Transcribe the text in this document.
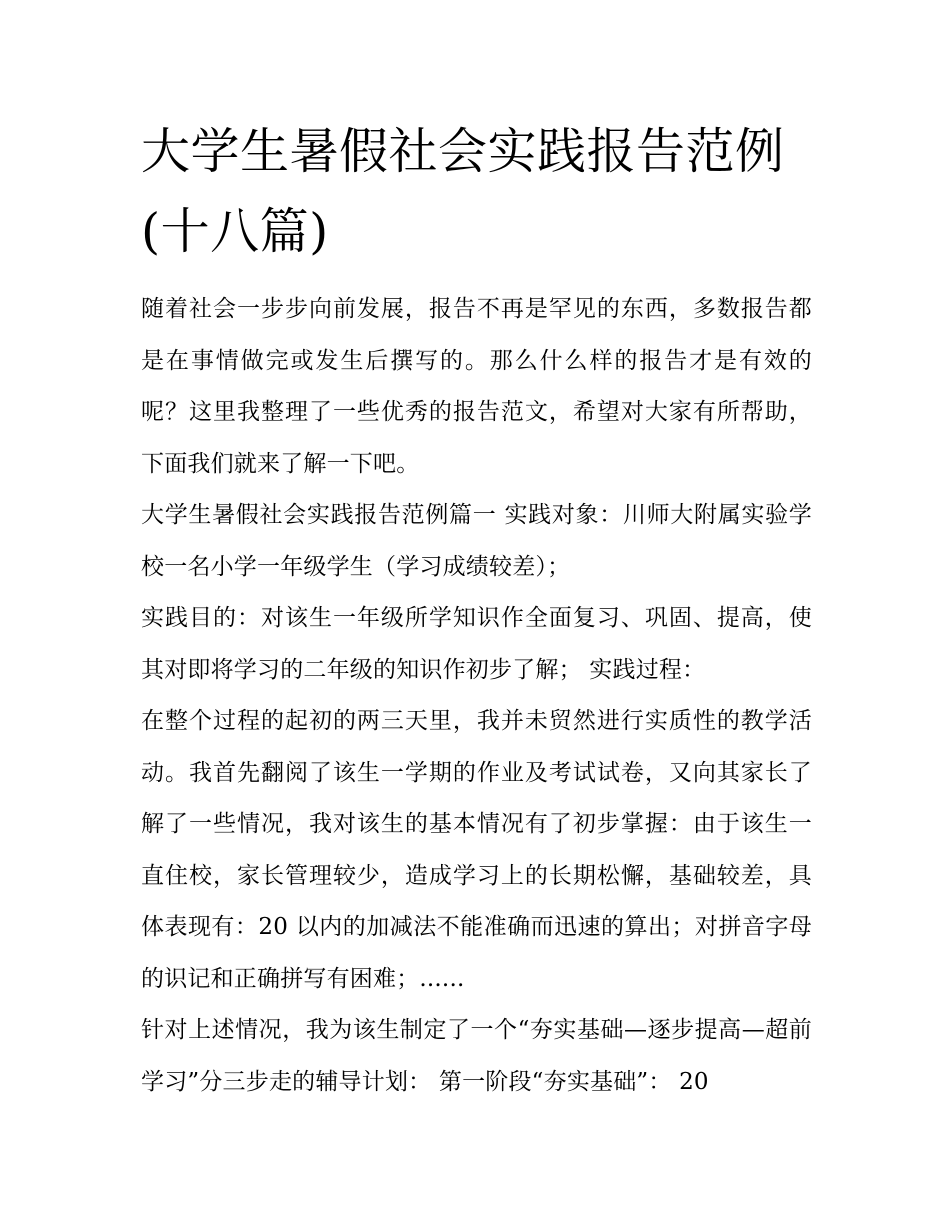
大学生暑假社会实践报告范例(十八篇)

随着社会一步步向前发展，报告不再是罕见的东西，多数报告都是在事情做完或发生后撰写的。那么什么样的报告才是有效的呢？这里我整理了一些优秀的报告范文，希望对大家有所帮助，下面我们就来了解一下吧。

大学生暑假社会实践报告范例篇一 实践对象：川师大附属实验学校一名小学一年级学生（学习成绩较差）；

实践目的：对该生一年级所学知识作全面复习、巩固、提高，使其对即将学习的二年级的知识作初步了解； 实践过程：

在整个过程的起初的两三天里，我并未贸然进行实质性的教学活动。我首先翻阅了该生一学期的作业及考试试卷，又向其家长了解了一些情况，我对该生的基本情况有了初步掌握：由于该生一直住校，家长管理较少，造成学习上的长期松懈，基础较差，具体表现有：20 以内的加减法不能准确而迅速的算出；对拼音字母的识记和正确拼写有困难；......

针对上述情况，我为该生制定了一个“夯实基础—逐步提高—超前学习”分三步走的辅导计划： 第一阶段“夯实基础”： 20
